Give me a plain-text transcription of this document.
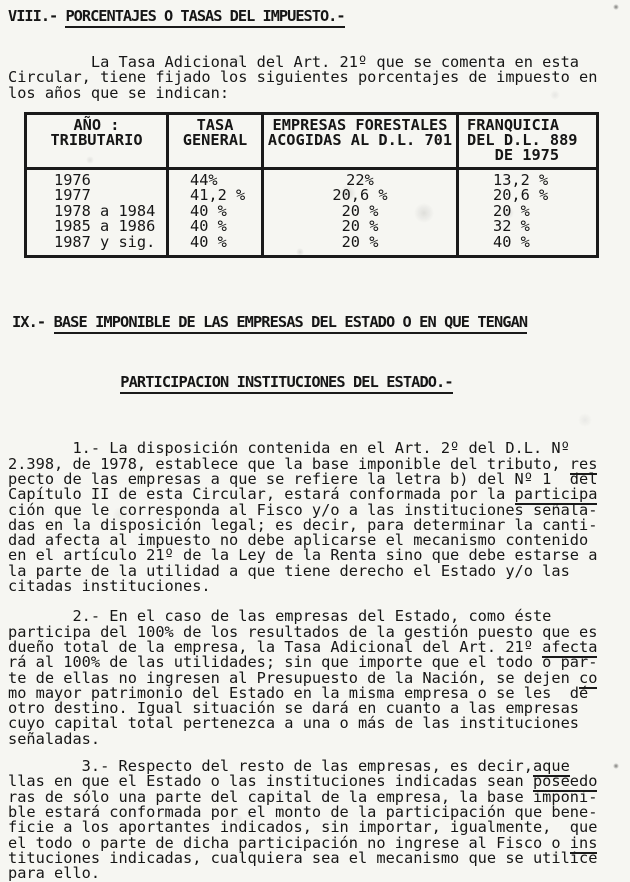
VIII.- PORCENTAJES O TASAS DEL IMPUESTO.-
La Tasa Adicional del Art. 21º que se comenta en esta
Circular, tiene fijado los siguientes porcentajes de impuesto en
los años que se indican:
AÑO :
TRIBUTARIO

TASA
GENERAL

EMPRESAS FORESTALES
ACOGIDAS AL D.L. 701

FRANQUICIA
DEL D.L. 889
DE 1975

1976	44%	22%	13,2 %
1977	41,2 %	20,6 %	20,6 %
1978 a 1984	40 %	20 %	20 %
1985 a 1986	40 %	20 %	32 %
1987 y sig.	40 %	20 %	40 %

IX.- BASE IMPONIBLE DE LAS EMPRESAS DEL ESTADO O EN QUE TENGAN

PARTICIPACION INSTITUCIONES DEL ESTADO.-

1.- La disposición contenida en el Art. 2º del D.L. Nº
2.398, de 1978, establece que la base imponible del tributo, res
pecto de las empresas a que se refiere la letra b) del Nº 1  del
Capítulo II de esta Circular, estará conformada por la participa
ción que le corresponda al Fisco y/o a las instituciones señala-
das en la disposición legal; es decir, para determinar la canti-
dad afecta al impuesto no debe aplicarse el mecanismo contenido
en el artículo 21º de la Ley de la Renta sino que debe estarse a
la parte de la utilidad a que tiene derecho el Estado y/o las
citadas instituciones.
2.- En el caso de las empresas del Estado, como éste
participa del 100% de los resultados de la gestión puesto que es
dueño total de la empresa, la Tasa Adicional del Art. 21º afecta
rá al 100% de las utilidades; sin que importe que el todo o par-
te de ellas no ingresen al Presupuesto de la Nación, se dejen co
mo mayor patrimonio del Estado en la misma empresa o se les  dé
otro destino. Igual situación se dará en cuanto a las empresas
cuyo capital total pertenezca a una o más de las instituciones
señaladas.
3.- Respecto del resto de las empresas, es decir,aque
llas en que el Estado o las instituciones indicadas sean poseedo
ras de sólo una parte del capital de la empresa, la base imponi-
ble estará conformada por el monto de la participación que bene-
ficie a los aportantes indicados, sin importar, igualmente,  que
el todo o parte de dicha participación no ingrese al Fisco o ins
tituciones indicadas, cualquiera sea el mecanismo que se utilice
para ello.
